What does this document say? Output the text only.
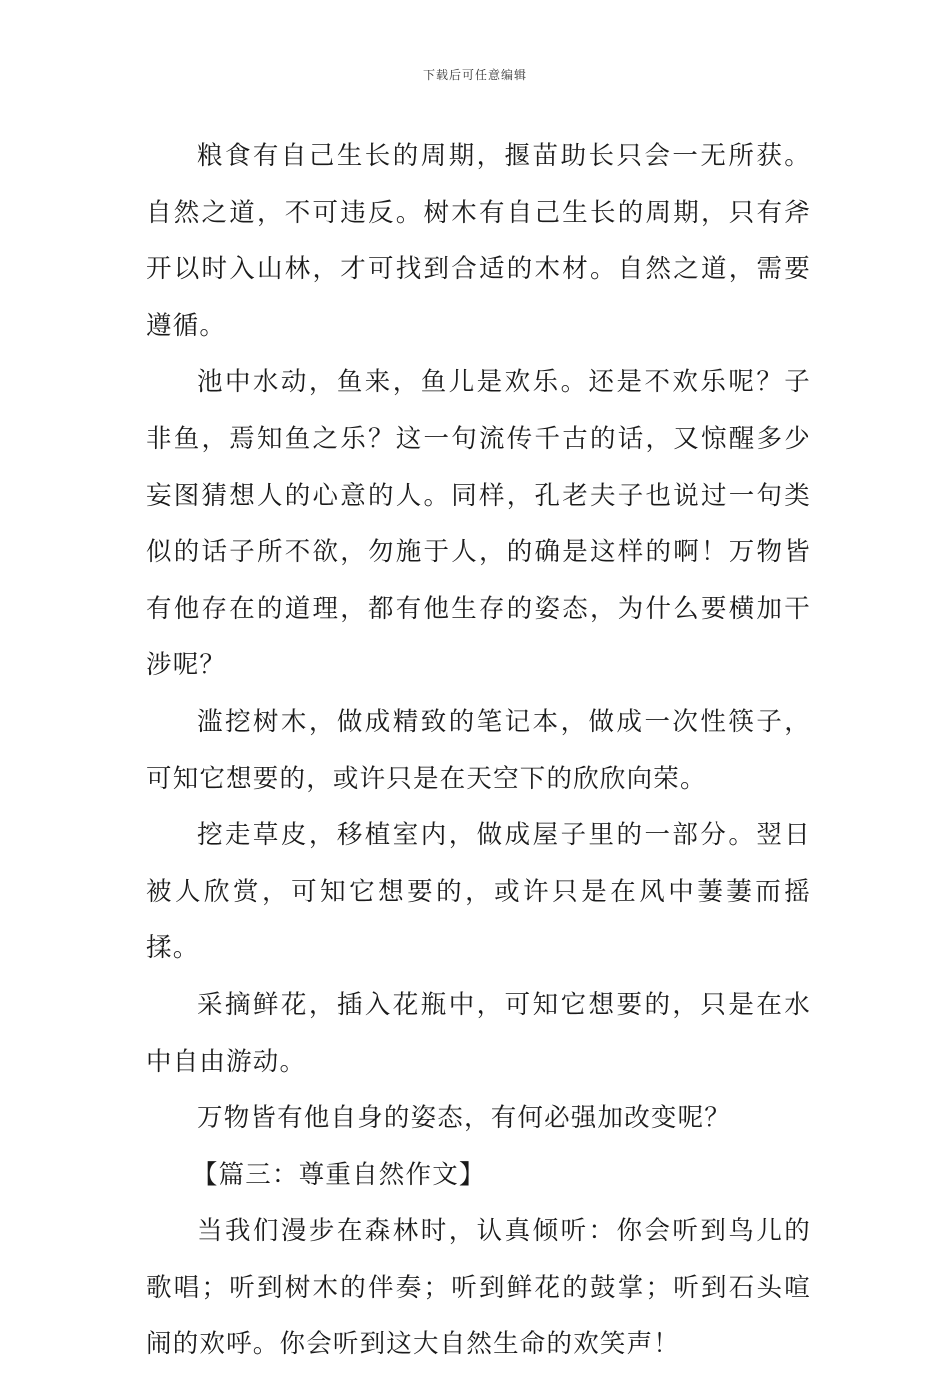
下载后可任意编辑

粮食有自己生长的周期，揠苗助长只会一无所获。自然之道，不可违反。树木有自己生长的周期，只有斧开以时入山林，才可找到合适的木材。自然之道，需要遵循。

池中水动，鱼来，鱼儿是欢乐。还是不欢乐呢？子非鱼，焉知鱼之乐？这一句流传千古的话，又惊醒多少妄图猜想人的心意的人。同样，孔老夫子也说过一句类似的话子所不欲，勿施于人，的确是这样的啊！万物皆有他存在的道理，都有他生存的姿态，为什么要横加干涉呢？

滥挖树木，做成精致的笔记本，做成一次性筷子，可知它想要的，或许只是在天空下的欣欣向荣。

挖走草皮，移植室内，做成屋子里的一部分。翌日被人欣赏，可知它想要的，或许只是在风中萋萋而摇揉。

采摘鲜花，插入花瓶中，可知它想要的，只是在水中自由游动。

万物皆有他自身的姿态，有何必强加改变呢？

【篇三：尊重自然作文】

当我们漫步在森林时，认真倾听：你会听到鸟儿的歌唱；听到树木的伴奏；听到鲜花的鼓掌；听到石头喧闹的欢呼。你会听到这大自然生命的欢笑声！
